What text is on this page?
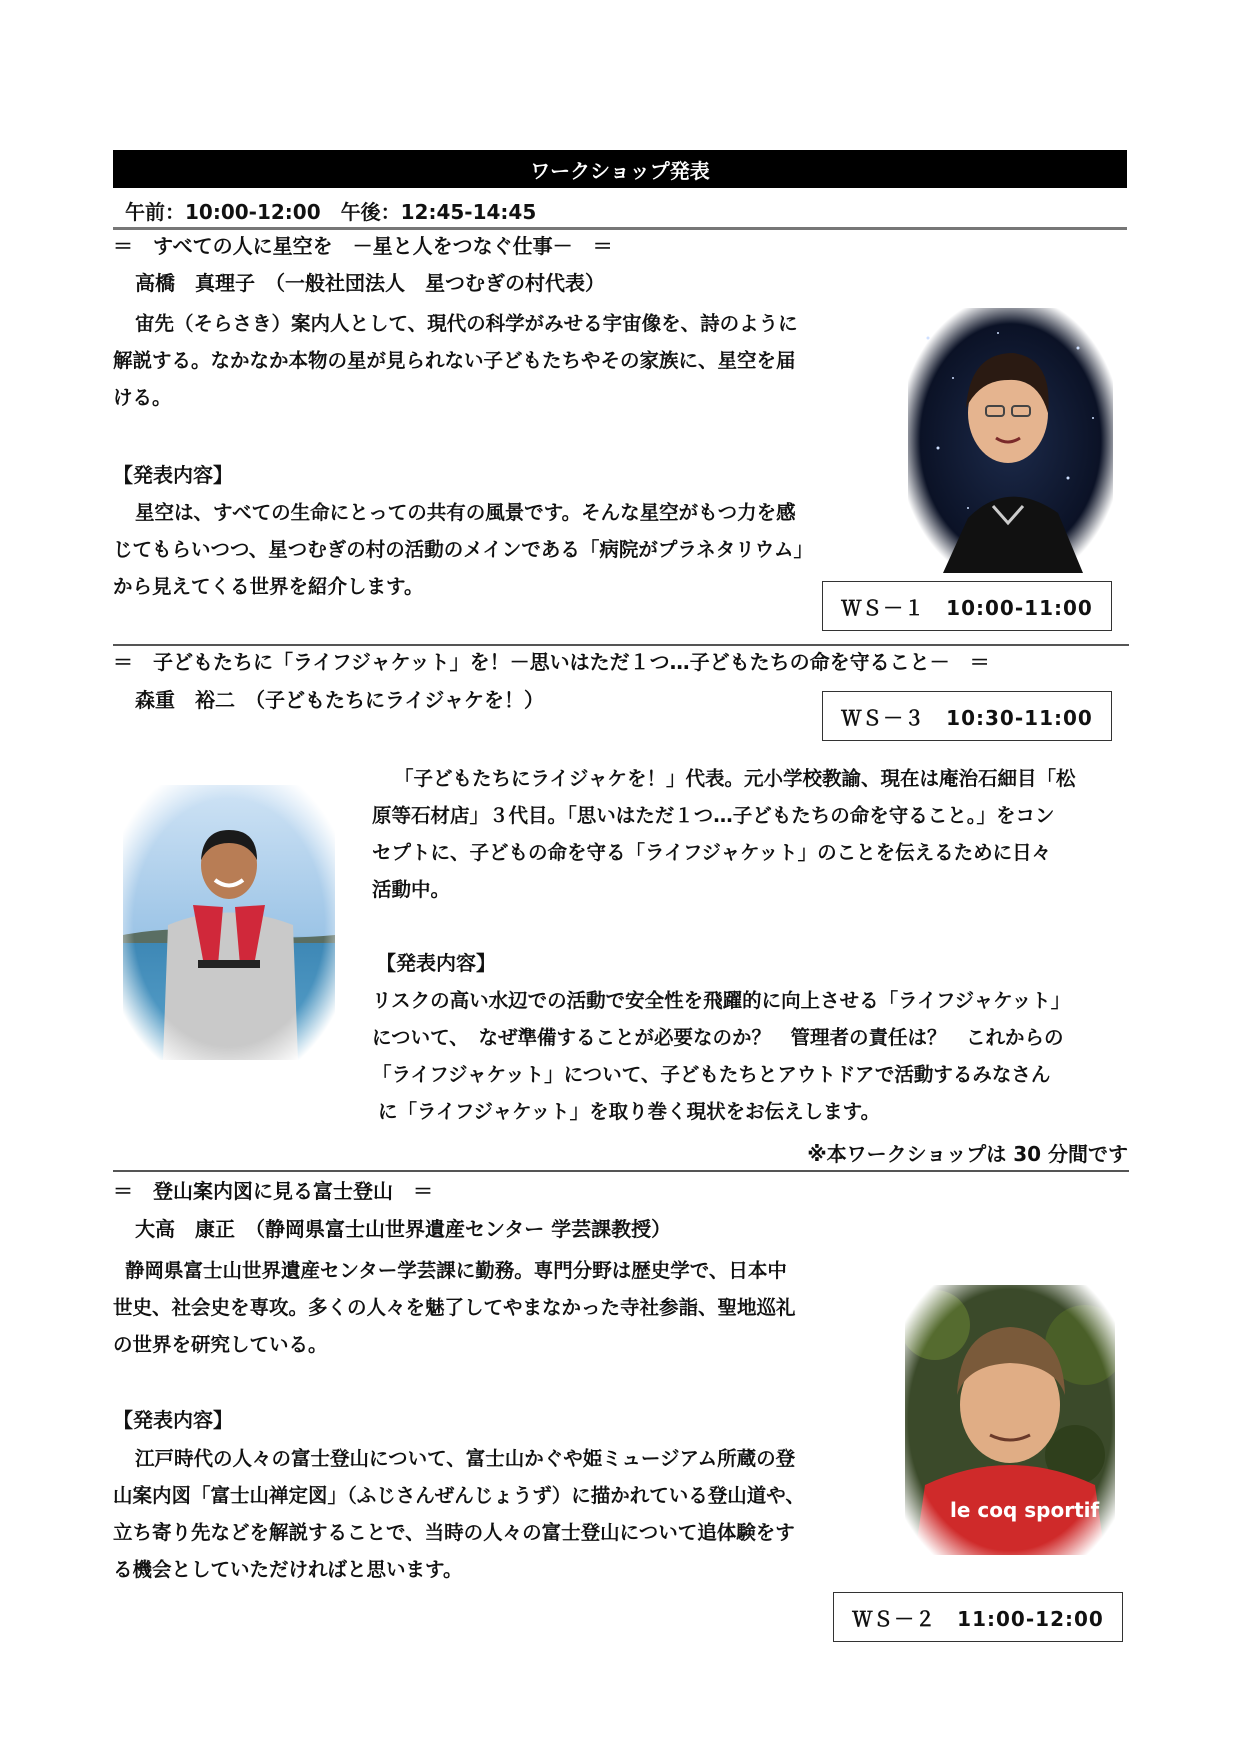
ワークショップ発表
午前：10:00-12:00　午後：12:45-14:45
＝　すべての人に星空を　－星と人をつなぐ仕事－　＝
高橋　真理子　（一般社団法人　星つむぎの村代表）
宙先（そらさき）案内人として、現代の科学がみせる宇宙像を、詩のように
解説する。なかなか本物の星が見られない子どもたちやその家族に、星空を届
ける。
【発表内容】
星空は、すべての生命にとっての共有の風景です。そんな星空がもつ力を感
じてもらいつつ、星つむぎの村の活動のメインである「病院がプラネタリウム」
から見えてくる世界を紹介します。
ＷＳ－１　10:00-11:00
＝　子どもたちに「ライフジャケット」を！－思いはただ１つ…子どもたちの命を守ること－　＝
森重　裕二　（子どもたちにライジャケを！）
ＷＳ－３　10:30-11:00
「子どもたちにライジャケを！」代表。元小学校教諭、現在は庵治石細目「松
原等石材店」３代目。「思いはただ１つ…子どもたちの命を守ること。」をコン
セプトに、子どもの命を守る「ライフジャケット」のことを伝えるために日々
活動中。
【発表内容】
リスクの高い水辺での活動で安全性を飛躍的に向上させる「ライフジャケット」
について、　なぜ準備することが必要なのか？　管理者の責任は？　これからの
「ライフジャケット」について、子どもたちとアウトドアで活動するみなさん
に「ライフジャケット」を取り巻く現状をお伝えします。
※本ワークショップは 30 分間です
＝　登山案内図に見る富士登山　＝
大高　康正　（静岡県富士山世界遺産センター 学芸課教授）
静岡県富士山世界遺産センター学芸課に勤務。専門分野は歴史学で、日本中
世史、社会史を専攻。多くの人々を魅了してやまなかった寺社参詣、聖地巡礼
の世界を研究している。
【発表内容】
江戸時代の人々の富士登山について、富士山かぐや姫ミュージアム所蔵の登
山案内図「富士山禅定図」（ふじさんぜんじょうず）に描かれている登山道や、
立ち寄り先などを解説することで、当時の人々の富士登山について追体験をす
る機会としていただければと思います。
ＷＳ－２　11:00-12:00
